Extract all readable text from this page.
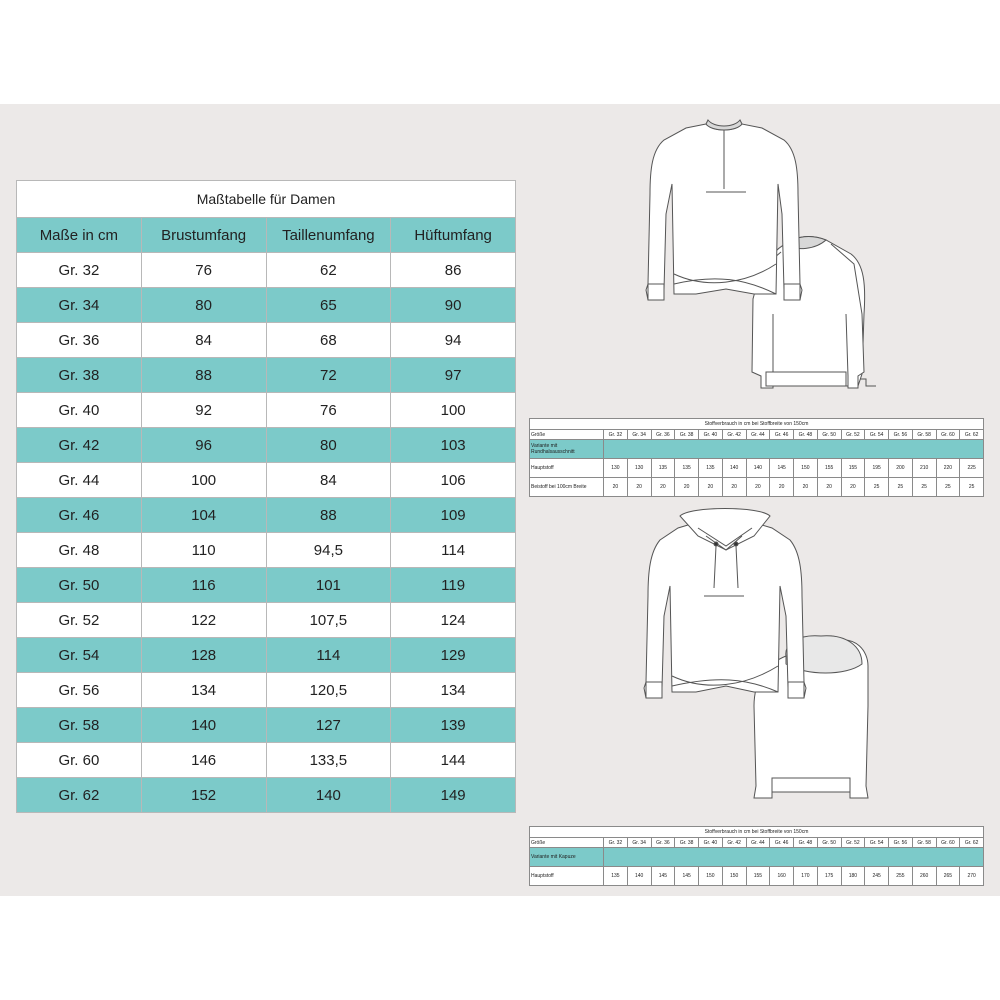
Maßtabelle für Damen			
Maße in cm	Brustumfang	Taillenumfang	Hüftumfang
Gr. 32	76	62	86
Gr. 34	80	65	90
Gr. 36	84	68	94
Gr. 38	88	72	97
Gr. 40	92	76	100
Gr. 42	96	80	103
Gr. 44	100	84	106
Gr. 46	104	88	109
Gr. 48	110	94,5	114
Gr. 50	116	101	119
Gr. 52	122	107,5	124
Gr. 54	128	114	129
Gr. 56	134	120,5	134
Gr. 58	140	127	139
Gr. 60	146	133,5	144
Gr. 62	152	140	149
Stoffverbrauch in cm bei Stoffbreite von 150cm																
Größe	Gr. 32	Gr. 34	Gr. 36	Gr. 38	Gr. 40	Gr. 42	Gr. 44	Gr. 46	Gr. 48	Gr. 50	Gr. 52	Gr. 54	Gr. 56	Gr. 58	Gr. 60	Gr. 62
Variante mit Rundhalsausschnitt																
Hauptstoff	130	130	135	135	135	140	140	145	150	155	155	195	200	210	220	225
Beistoff bei 100cm Breite	20	20	20	20	20	20	20	20	20	20	20	25	25	25	25	25
Stoffverbrauch in cm bei Stoffbreite von 150cm																
Größe	Gr. 32	Gr. 34	Gr. 36	Gr. 38	Gr. 40	Gr. 42	Gr. 44	Gr. 46	Gr. 48	Gr. 50	Gr. 52	Gr. 54	Gr. 56	Gr. 58	Gr. 60	Gr. 62
Variante mit Kapuze																
Hauptstoff	135	140	145	145	150	150	155	160	170	175	180	245	255	260	265	270
